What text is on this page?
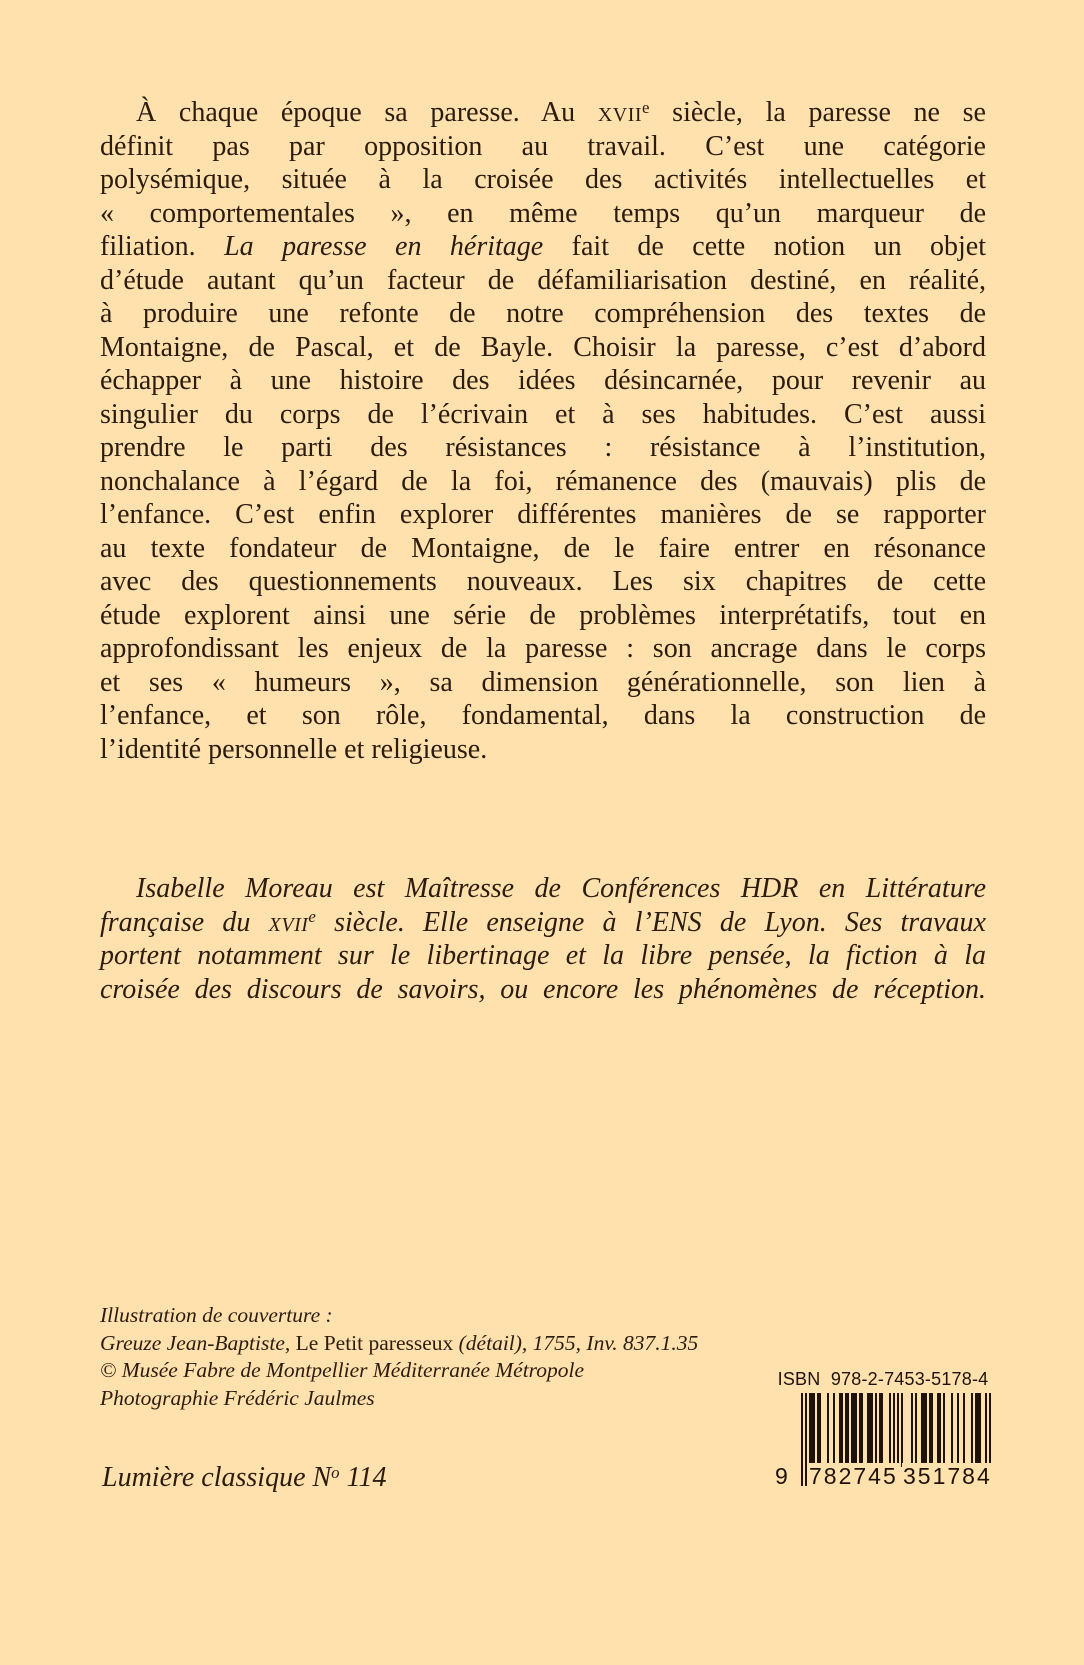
À chaque époque sa paresse. Au xvii$^e$ siècle, la paresse ne se
définit pas par opposition au travail. C’est une catégorie
polysémique, située à la croisée des activités intellectuelles et
« comportementales », en même temps qu’un marqueur de
filiation. La paresse en héritage fait de cette notion un objet
d’étude autant qu’un facteur de défamiliarisation destiné, en réalité,
à produire une refonte de notre compréhension des textes de
Montaigne, de Pascal, et de Bayle. Choisir la paresse, c’est d’abord
échapper à une histoire des idées désincarnée, pour revenir au
singulier du corps de l’écrivain et à ses habitudes. C’est aussi
prendre le parti des résistances : résistance à l’institution,
nonchalance à l’égard de la foi, rémanence des (mauvais) plis de
l’enfance. C’est enfin explorer différentes manières de se rapporter
au texte fondateur de Montaigne, de le faire entrer en résonance
avec des questionnements nouveaux. Les six chapitres de cette
étude explorent ainsi une série de problèmes interprétatifs, tout en
approfondissant les enjeux de la paresse : son ancrage dans le corps
et ses « humeurs », sa dimension générationnelle, son lien à
l’enfance, et son rôle, fondamental, dans la construction de
l’identité personnelle et religieuse.
Isabelle Moreau est Maîtresse de Conférences HDR en Littérature
française du xvii$^e$ siècle. Elle enseigne à l’ENS de Lyon. Ses travaux
portent notamment sur le libertinage et la libre pensée, la fiction à la
croisée des discours de savoirs, ou encore les phénomènes de réception.
Illustration de couverture :
Greuze Jean-Baptiste, Le Petit paresseux (détail), 1755, Inv. 837.1.35
© Musée Fabre de Montpellier Méditerranée Métropole
Photographie Frédéric Jaulmes
Lumière classique $N^o$ 114
ISBN  978-2-7453-5178-4
9 782745 351784
